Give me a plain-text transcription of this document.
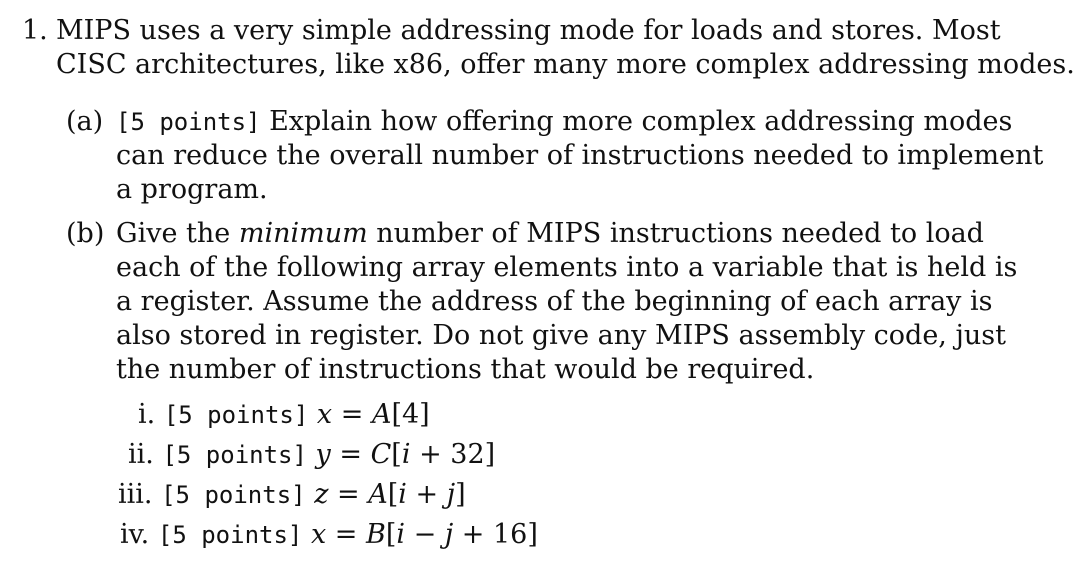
1. MIPS uses a very simple addressing mode for loads and stores. Most
CISC architectures, like x86, offer many more complex addressing modes.
(a) [5 points] Explain how offering more complex addressing modes
can reduce the overall number of instructions needed to implement
a program.
(b) Give the minimum number of MIPS instructions needed to load
each of the following array elements into a variable that is held is
a register. Assume the address of the beginning of each array is
also stored in register. Do not give any MIPS assembly code, just
the number of instructions that would be required.
i. [5 points] x = A[4]
ii. [5 points] y = C[i + 32]
iii. [5 points] z = A[i + j]
iv. [5 points] x = B[i − j + 16]
